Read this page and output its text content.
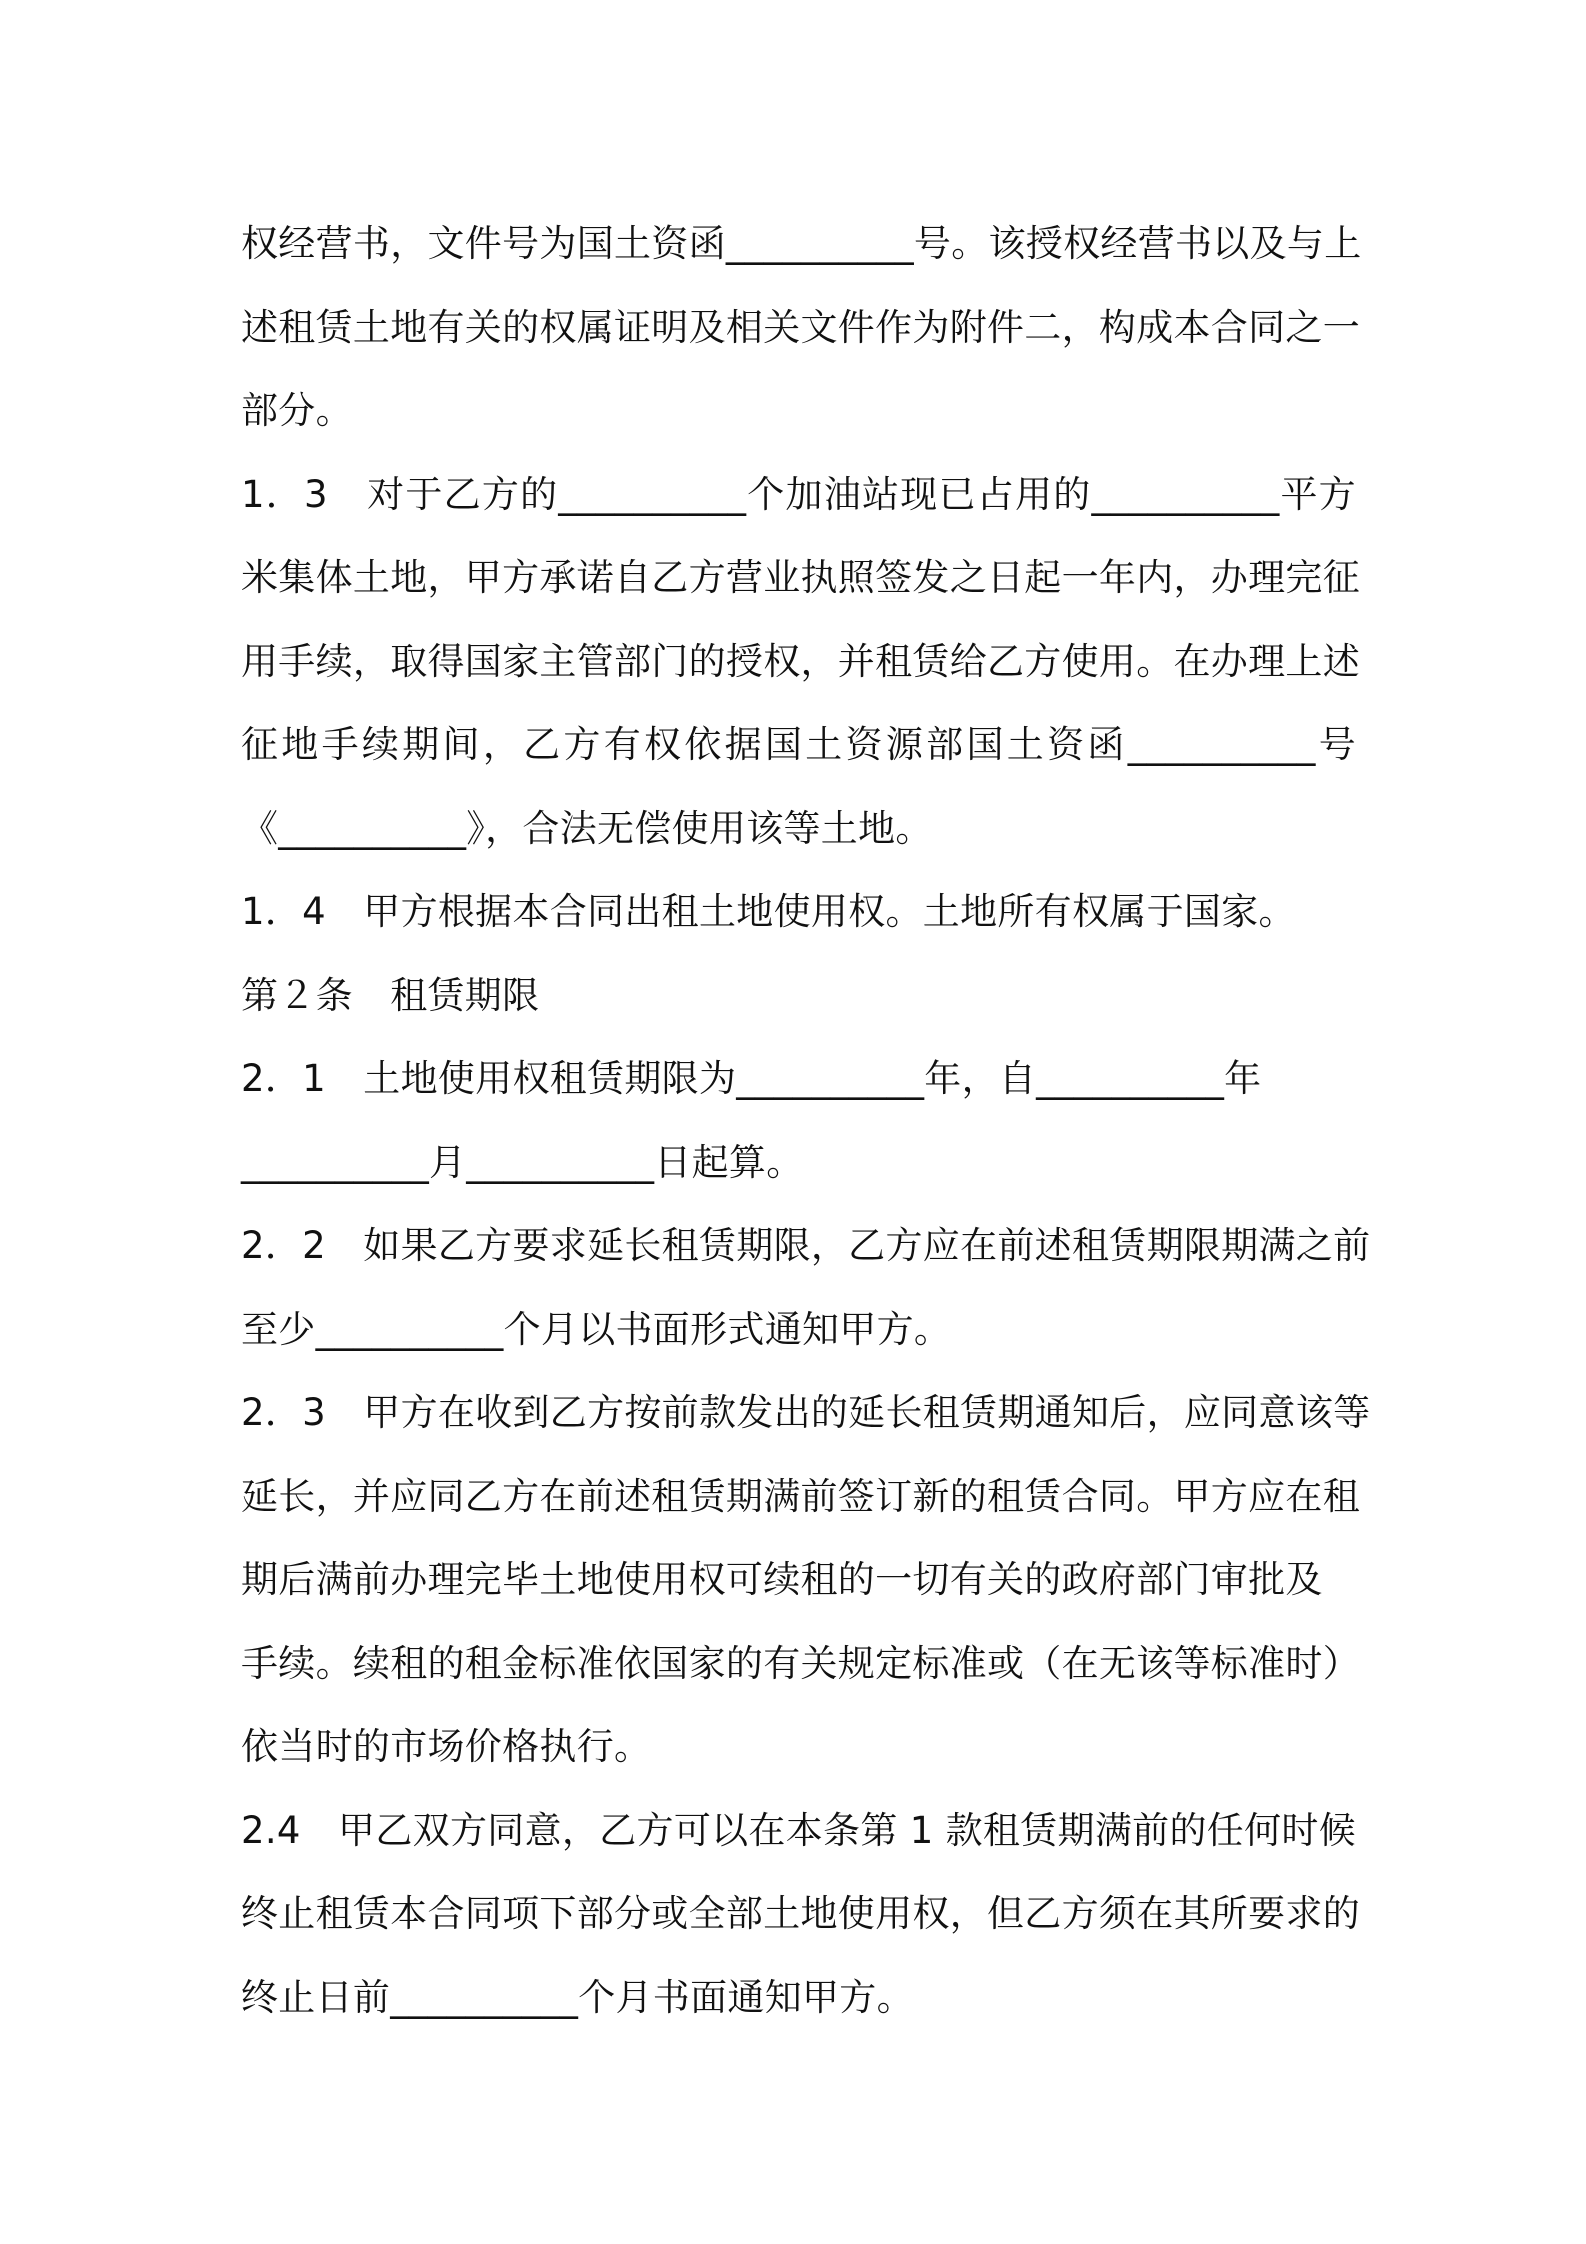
权经营书，文件号为国土资函__________号。该授权经营书以及与上
述租赁土地有关的权属证明及相关文件作为附件二，构成本合同之一
部分。
1．3　对于乙方的__________个加油站现已占用的__________平方
米集体土地，甲方承诺自乙方营业执照签发之日起一年内，办理完征
用手续，取得国家主管部门的授权，并租赁给乙方使用。在办理上述
征地手续期间，乙方有权依据国土资源部国土资函__________号
《__________》，合法无偿使用该等土地。
1．4　甲方根据本合同出租土地使用权。土地所有权属于国家。
第２条　租赁期限
2．1　土地使用权租赁期限为__________年，自__________年
__________月__________日起算。
2．2　如果乙方要求延长租赁期限，乙方应在前述租赁期限期满之前
至少__________个月以书面形式通知甲方。
2．3　甲方在收到乙方按前款发出的延长租赁期通知后，应同意该等
延长，并应同乙方在前述租赁期满前签订新的租赁合同。甲方应在租
期后满前办理完毕土地使用权可续租的一切有关的政府部门审批及
手续。续租的租金标准依国家的有关规定标准或（在无该等标准时）
依当时的市场价格执行。
2.4　甲乙双方同意，乙方可以在本条第 1 款租赁期满前的任何时候
终止租赁本合同项下部分或全部土地使用权，但乙方须在其所要求的
终止日前__________个月书面通知甲方。
